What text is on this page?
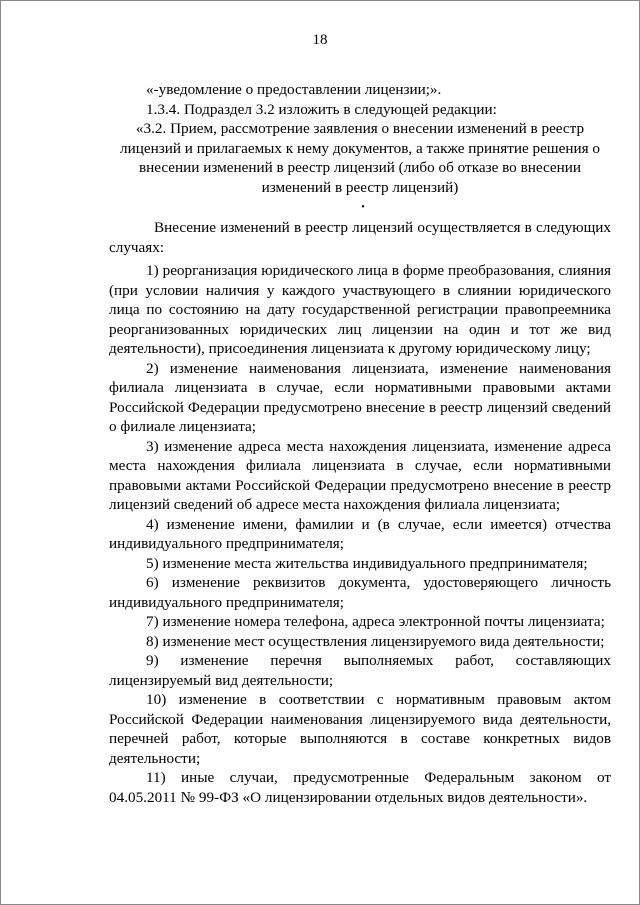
18

«-уведомление о предоставлении лицензии;».

1.3.4. Подраздел 3.2 изложить в следующей редакции:

«3.2. Прием, рассмотрение заявления о внесении изменений в реестр лицензий и прилагаемых к нему документов, а также принятие решения о внесении изменений в реестр лицензий (либо об отказе во внесении изменений в реестр лицензий)

•

Внесение изменений в реестр лицензий осуществляется в следующих случаях:

1) реорганизация юридического лица в форме преобразования, слияния (при условии наличия у каждого участвующего в слиянии юридического лица по состоянию на дату государственной регистрации правопреемника реорганизованных юридических лиц лицензии на один и тот же вид деятельности), присоединения лицензиата к другому юридическому лицу;

2) изменение наименования лицензиата, изменение наименования филиала лицензиата в случае, если нормативными правовыми актами Российской Федерации предусмотрено внесение в реестр лицензий сведений о филиале лицензиата;

3) изменение адреса места нахождения лицензиата, изменение адреса места нахождения филиала лицензиата в случае, если нормативными правовыми актами Российской Федерации предусмотрено внесение в реестр лицензий сведений об адресе места нахождения филиала лицензиата;

4) изменение имени, фамилии и (в случае, если имеется) отчества индивидуального предпринимателя;

5) изменение места жительства индивидуального предпринимателя;

6) изменение реквизитов документа, удостоверяющего личность индивидуального предпринимателя;

7) изменение номера телефона, адреса электронной почты лицензиата;

8) изменение мест осуществления лицензируемого вида деятельности;

9) изменение перечня выполняемых работ, составляющих лицензируемый вид деятельности;

10) изменение в соответствии с нормативным правовым актом Российской Федерации наименования лицензируемого вида деятельности, перечней работ, которые выполняются в составе конкретных видов деятельности;

11) иные случаи, предусмотренные Федеральным законом от 04.05.2011 № 99-ФЗ «О лицензировании отдельных видов деятельности».
